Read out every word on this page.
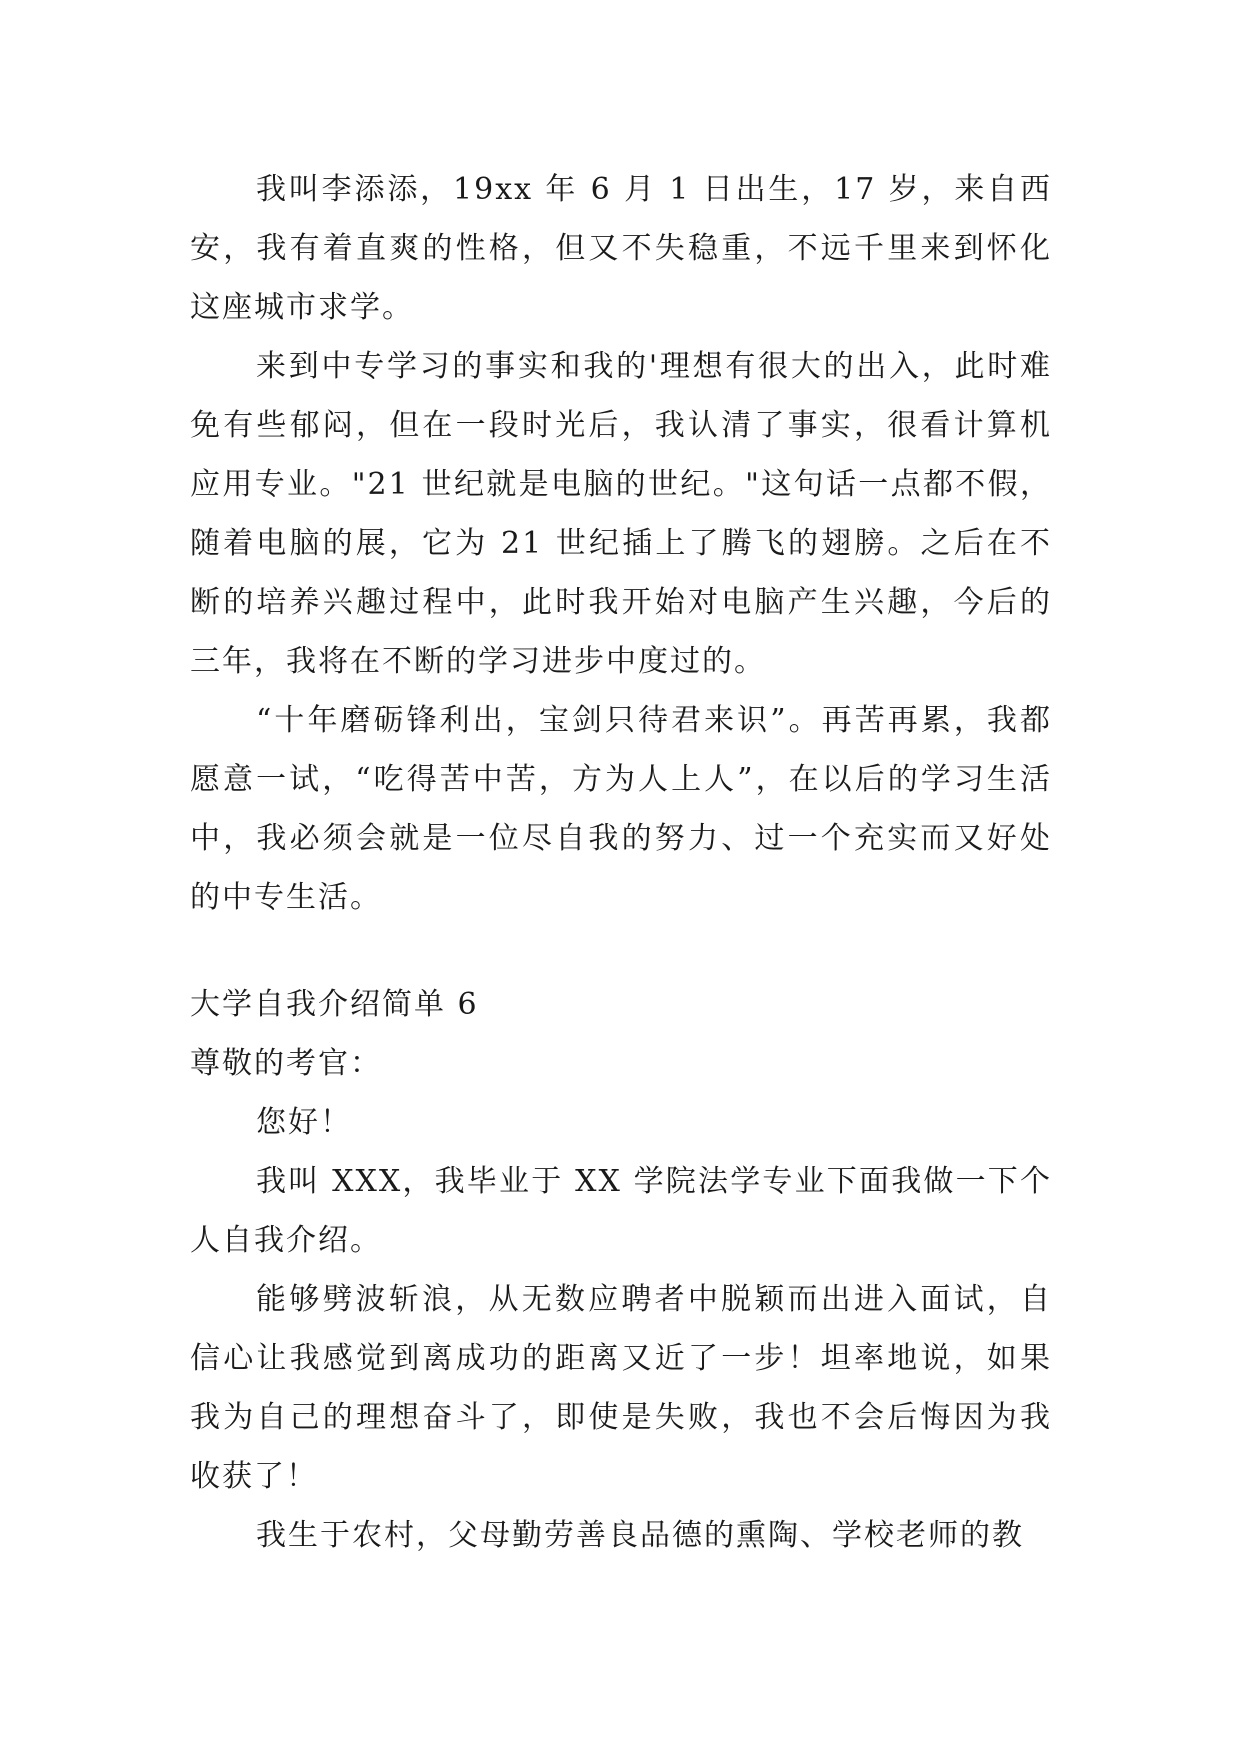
我叫李添添，19xx 年 6 月 1 日出生，17 岁，来自西安，我有着直爽的性格，但又不失稳重，不远千里来到怀化这座城市求学。

来到中专学习的事实和我的'理想有很大的出入，此时难免有些郁闷，但在一段时光后，我认清了事实，很看计算机应用专业。"21 世纪就是电脑的世纪。"这句话一点都不假，随着电脑的展，它为 21 世纪插上了腾飞的翅膀。之后在不断的培养兴趣过程中，此时我开始对电脑产生兴趣，今后的三年，我将在不断的学习进步中度过的。

“十年磨砺锋利出，宝剑只待君来识”。再苦再累，我都愿意一试，“吃得苦中苦，方为人上人”，在以后的学习生活中，我必须会就是一位尽自我的努力、过一个充实而又好处的中专生活。

大学自我介绍简单 6

尊敬的考官：

您好！

我叫 XXX，我毕业于 XX 学院法学专业下面我做一下个人自我介绍。

能够劈波斩浪，从无数应聘者中脱颖而出进入面试，自信心让我感觉到离成功的距离又近了一步！坦率地说，如果我为自己的理想奋斗了，即使是失败，我也不会后悔因为我收获了！

我生于农村，父母勤劳善良品德的熏陶、学校老师的教
